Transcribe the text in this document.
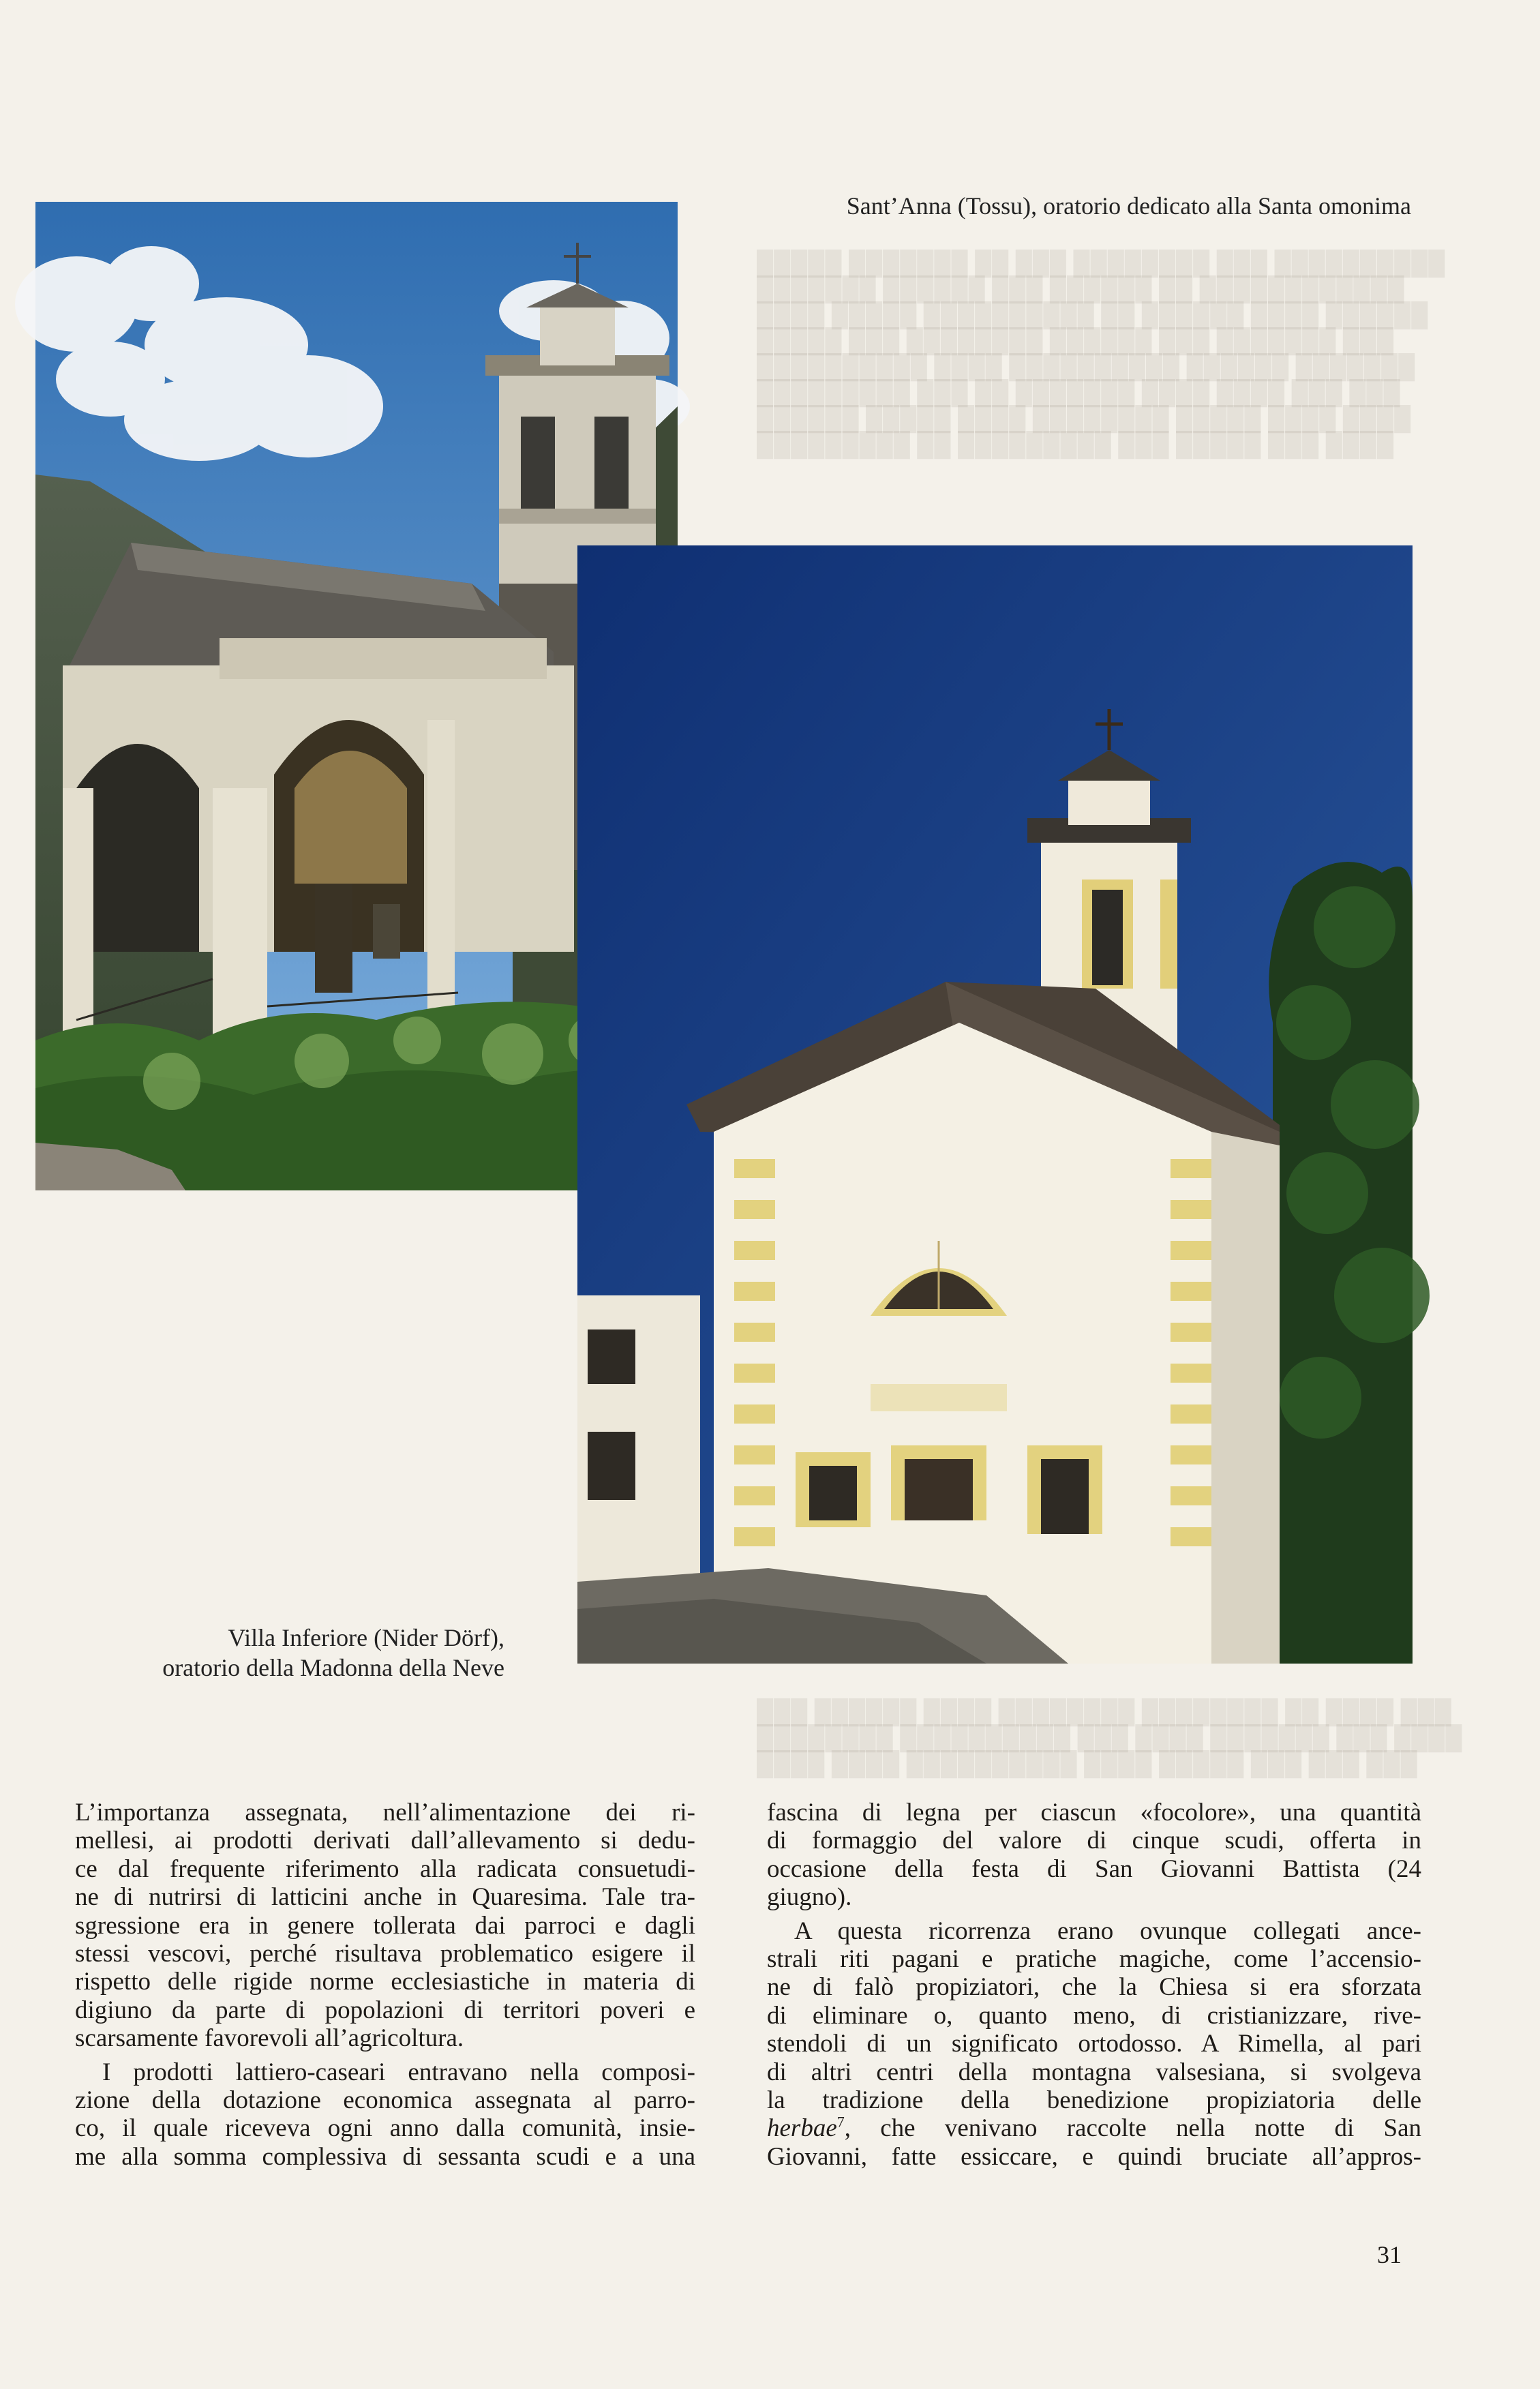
█████ ███████ ██ ███ ████████ ███ ██████████
███████ ██████ ███ ██████ ██ ████████████
████ █████ ██████████ ██ ██████ ████ ██████
█████ ███ ████████ ██████ ███ ███████ ███
██████████ ████ ██████████ ██████ ███████
█████████ ███ ██ ███████ ████ ████ ███ ███
██████ █████ ████ ████████ █████ ████ ████
█████████ ██ █████████ ███ █████ ███ ████

███ ██████ ████ ████████ ████████ ██ ████ ███
████████ ██████████ ███ ████ ███████ ███ ████
████ ████ ██████████ ████ █████ ███ ███ ███

Sant’Anna (Tossu), oratorio dedicato alla Santa omonima
Villa Inferiore (Nider Dörf),
oratorio della Madonna della Neve

L’importanza assegnata, nell’alimentazione dei ri-
mellesi, ai prodotti derivati dall’allevamento si dedu-
ce dal frequente riferimento alla radicata consuetudi-
ne di nutrirsi di latticini anche in Quaresima. Tale tra-
sgressione era in genere tollerata dai parroci e dagli
stessi vescovi, perché risultava problematico esigere il
rispetto delle rigide norme ecclesiastiche in materia di
digiuno da parte di popolazioni di territori poveri e
scarsamente favorevoli all’agricoltura.

I prodotti lattiero-caseari entravano nella composi-
zione della dotazione economica assegnata al parro-
co, il quale riceveva ogni anno dalla comunità, insie-
me alla somma complessiva di sessanta scudi e a una

fascina di legna per ciascun «focolore», una quantità
di formaggio del valore di cinque scudi, offerta in
occasione della festa di San Giovanni Battista (24
giugno).

A questa ricorrenza erano ovunque collegati ance-
strali riti pagani e pratiche magiche, come l’accensio-
ne di falò propiziatori, che la Chiesa si era sforzata
di eliminare o, quanto meno, di cristianizzare, rive-
stendoli di un significato ortodosso. A Rimella, al pari
di altri centri della montagna valsesiana, si svolgeva
la tradizione della benedizione propiziatoria delle
herbae$^7$, che venivano raccolte nella notte di San
Giovanni, fatte essiccare, e quindi bruciate all’appros-

31
